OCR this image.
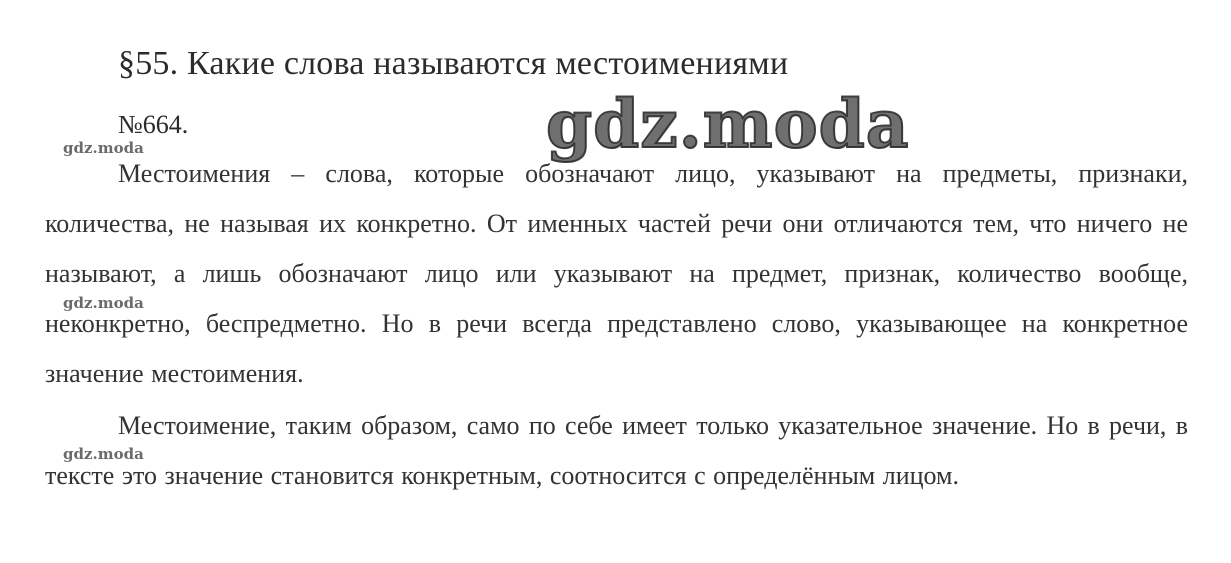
§55. Какие слова называются местоимениями
№664.

Местоимения – слова, которые обозначают лицо, указывают на предметы, признаки, количества, не называя их конкретно. От именных частей речи они отличаются тем, что ничего не называют, а лишь обозначают лицо или указывают на предмет, признак, количество вообще, неконкретно, беспредметно. Но в речи всегда представлено слово, указывающее на конкретное значение местоимения.

Местоимение, таким образом, само по себе имеет только указательное значение. Но в речи, в тексте это значение становится конкретным, соотносится с определённым лицом.

gdz.moda
gdz.moda
gdz.moda
gdz.moda
